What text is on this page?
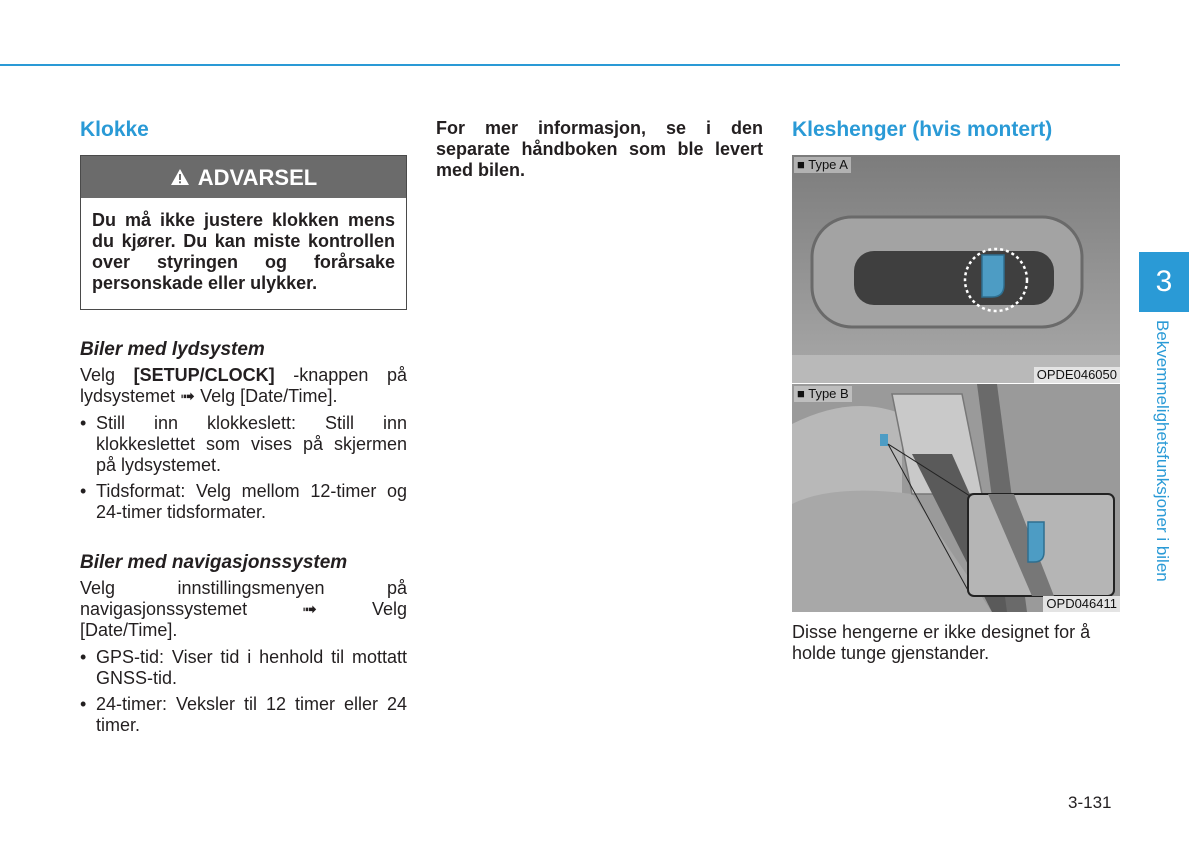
Klokke
ADVARSEL
Du må ikke justere klokken mens du kjører. Du kan miste kontrollen over styringen og forårsake personskade eller ulykker.
Biler med lydsystem

Velg [SETUP/CLOCK] -knappen på lydsystemet ➟ Velg [Date/Time].

• Still inn klokkeslett: Still inn klokkeslettet som vises på skjermen på lydsystemet.
• Tidsformat: Velg mellom 12-timer og 24-timer tidsformater.
Biler med navigasjonssystem

Velg innstillingsmenyen på navigasjonssystemet ➟ Velg [Date/Time].

• GPS-tid: Viser tid i henhold til mottatt GNSS-tid.
• 24-timer: Veksler til 12 timer eller 24 timer.

For mer informasjon, se i den separate håndboken som ble levert med bilen.

Kleshenger (hvis montert)
■ Type A
OPDE046050
■ Type B
OPD046411

Disse hengerne er ikke designet for å holde tunge gjenstander.

3
Bekvemmelighetsfunksjoner i bilen
3-131
